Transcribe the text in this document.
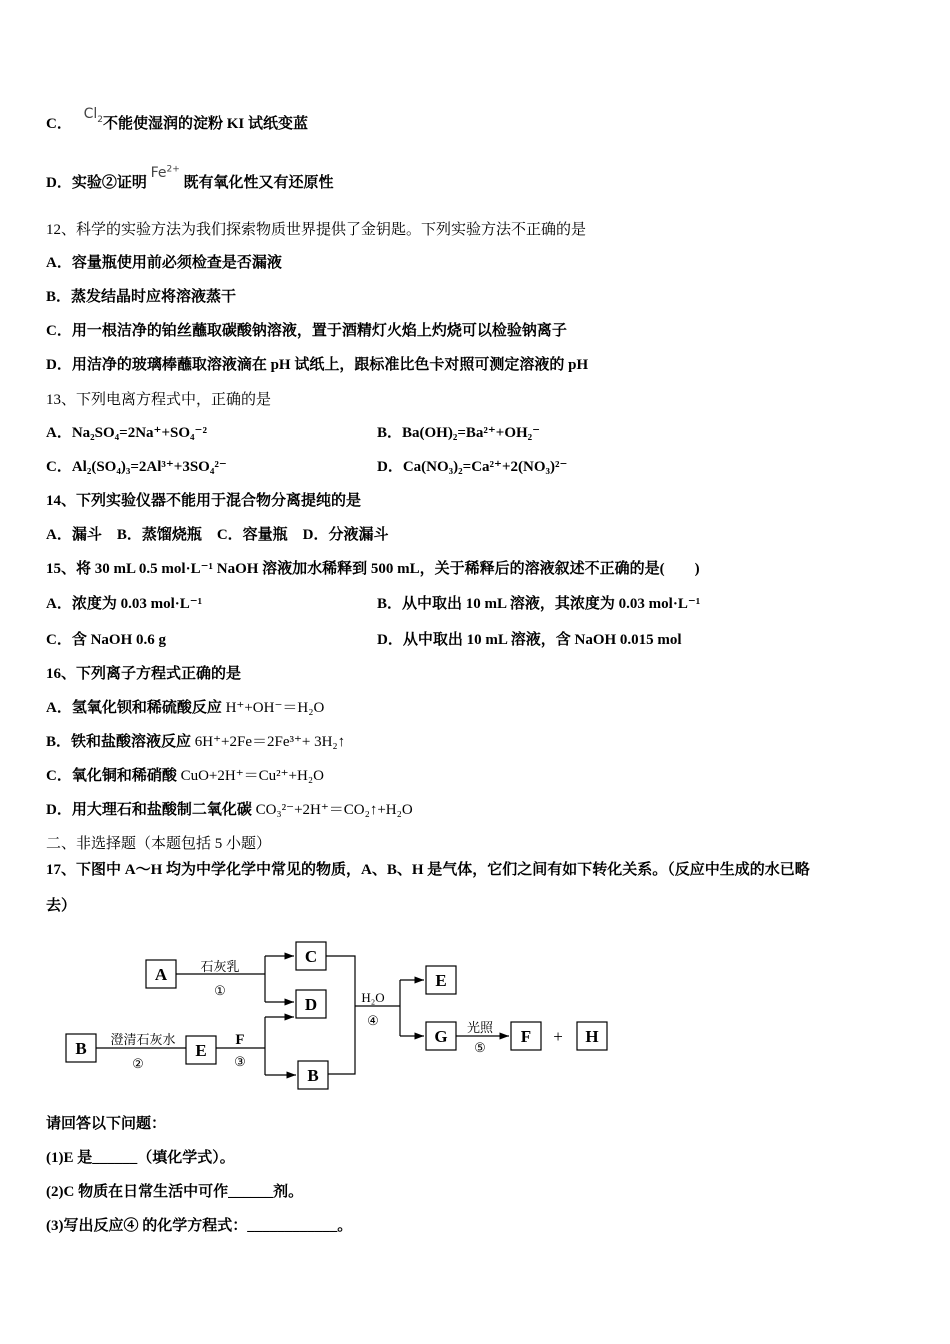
C． $Cl_2$不能使湿润的淀粉 KI 试纸变蓝
D．实验②证明 $Fe^{2+}$ 既有氧化性又有还原性
12、科学的实验方法为我们探索物质世界提供了金钥匙。下列实验方法不正确的是
A．容量瓶使用前必须检查是否漏液
B．蒸发结晶时应将溶液蒸干
C．用一根洁净的铂丝蘸取碳酸钠溶液，置于酒精灯火焰上灼烧可以检验钠离子
D．用洁净的玻璃棒蘸取溶液滴在 pH 试纸上，跟标准比色卡对照可测定溶液的 pH
13、下列电离方程式中，正确的是
A．Na₂SO₄=2Na⁺+SO₄⁻²	B．Ba(OH)₂=Ba²⁺+OH₂⁻
C．Al₂(SO₄)₃=2Al³⁺+3SO₄²⁻	D．Ca(NO₃)₂=Ca²⁺+2(NO₃)²⁻
14、下列实验仪器不能用于混合物分离提纯的是
A．漏斗　B．蒸馏烧瓶　C．容量瓶　D．分液漏斗
15、将 30 mL 0.5 mol·L⁻¹ NaOH 溶液加水稀释到 500 mL，关于稀释后的溶液叙述不正确的是(　　)
A．浓度为 0.03 mol·L⁻¹	B．从中取出 10 mL 溶液，其浓度为 0.03 mol·L⁻¹
C．含 NaOH 0.6 g	D．从中取出 10 mL 溶液，含 NaOH 0.015 mol
16、下列离子方程式正确的是
A．氢氧化钡和稀硫酸反应 H⁺+OH⁻＝H₂O
B．铁和盐酸溶液反应 6H⁺+2Fe＝2Fe³⁺+ 3H₂↑
C．氧化铜和稀硝酸 CuO+2H⁺＝Cu²⁺+H₂O
D．用大理石和盐酸制二氧化碳 CO₃²⁻+2H⁺＝CO₂↑+H₂O
二、非选择题（本题包括 5 小题）
17、下图中 A～H 均为中学化学中常见的物质，A、B、H 是气体，它们之间有如下转化关系。（反应中生成的水已略
去）
A
C
D
B	E
B
E
G	F	H
+
石灰乳
①
澄清石灰水
②
F
③
H₂O
④	光照
⑤
请回答以下问题：
(1)E 是______（填化学式）。
(2)C 物质在日常生活中可作______剂。
(3)写出反应④ 的化学方程式：____________。
